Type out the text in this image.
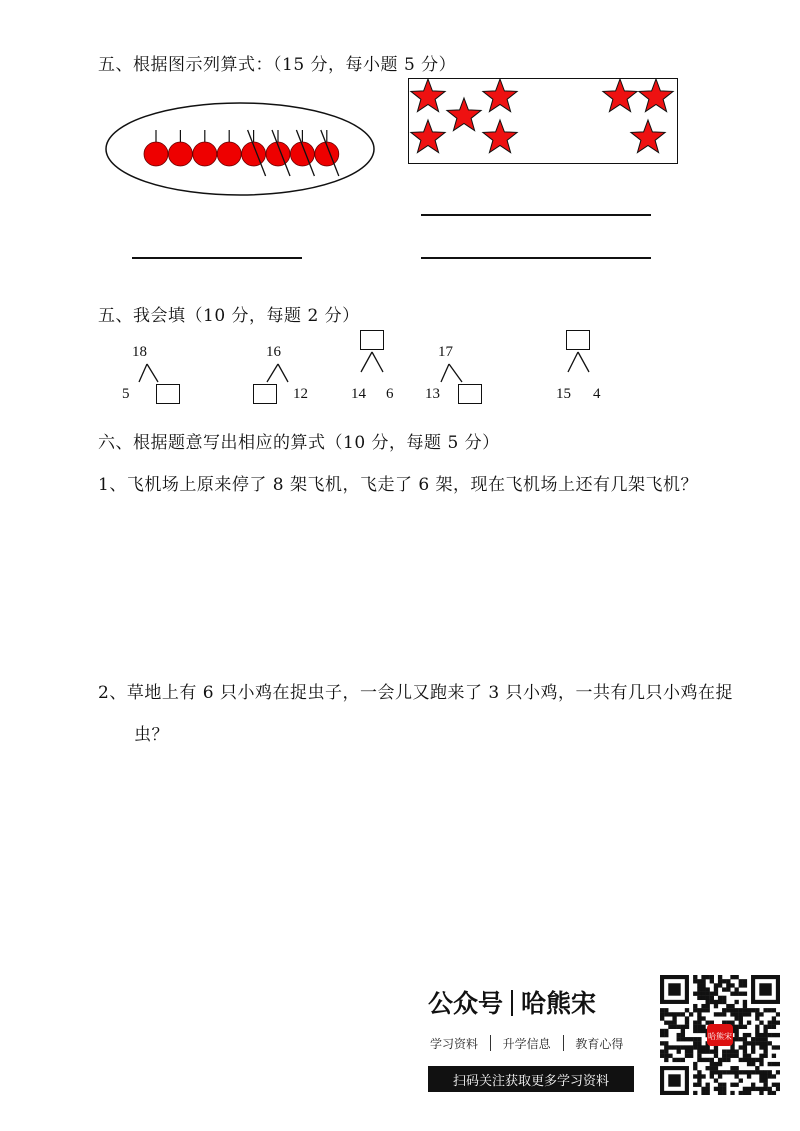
五、根据图示列算式：（15 分，每小题 5 分）
五、我会填（10 分，每题 2 分）
18
5
16
12	14 6
17
13	15 4
六、根据题意写出相应的算式（10 分，每题 5 分）
1、飞机场上原来停了 8 架飞机，飞走了 6 架，现在飞机场上还有几架飞机？
2、草地上有 6 只小鸡在捉虫子，一会儿又跑来了 3 只小鸡，一共有几只小鸡在捉
虫？
公众号 哈熊宋
学习资料 升学信息 教育心得
扫码关注获取更多学习资料
哈熊宋
